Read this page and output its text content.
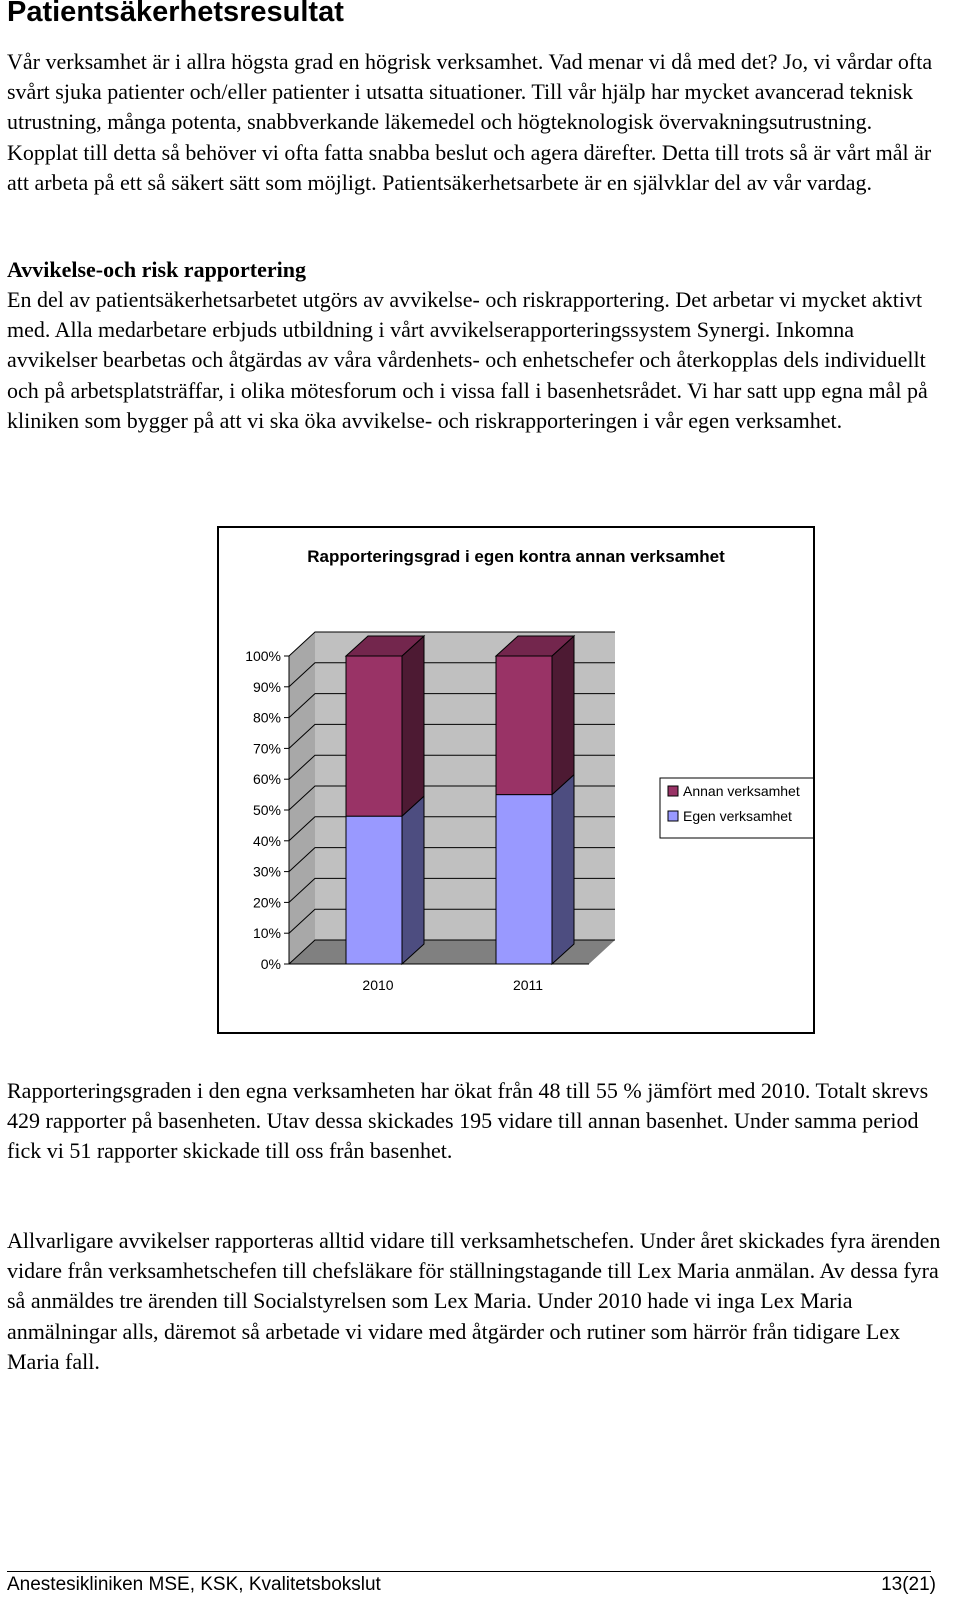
Patientsäkerhetsresultat

Vår verksamhet är i allra högsta grad en högrisk verksamhet. Vad menar vi då med det? Jo, vi vårdar ofta svårt sjuka patienter och/eller patienter i utsatta situationer. Till vår hjälp har mycket avancerad teknisk utrustning, många potenta, snabbverkande läkemedel och högteknologisk övervakningsutrustning. Kopplat till detta så behöver vi ofta fatta snabba beslut och agera därefter. Detta till trots så är vårt mål är att arbeta på ett så säkert sätt som möjligt. Patientsäkerhetsarbete är en självklar del av vår vardag.

Avvikelse-och risk rapportering

En del av patientsäkerhetsarbetet utgörs av avvikelse- och riskrapportering. Det arbetar vi mycket aktivt med. Alla medarbetare erbjuds utbildning i vårt avvikelserapporteringssystem Synergi. Inkomna avvikelser bearbetas och åtgärdas av våra vårdenhets- och enhetschefer och återkopplas dels individuellt och på arbetsplatsträffar, i olika mötesforum och i vissa fall i basenhetsrådet. Vi har satt upp egna mål på kliniken som bygger på att vi ska öka avvikelse- och riskrapporteringen i vår egen verksamhet.

Rapporteringsgrad i egen kontra annan verksamhet
0%
10%
20%
30%
40%
50%
60%
70%
80%
90%
100%
2010	2011
Annan verksamhet
Egen verksamhet

Rapporteringsgraden i den egna verksamheten har ökat från 48 till 55 % jämfört med 2010. Totalt skrevs 429 rapporter på basenheten. Utav dessa skickades 195 vidare till annan basenhet. Under samma period fick vi 51 rapporter skickade till oss från basenhet.

Allvarligare avvikelser rapporteras alltid vidare till verksamhetschefen. Under året skickades fyra ärenden vidare från verksamhetschefen till chefsläkare för ställningstagande till Lex Maria anmälan. Av dessa fyra så anmäldes tre ärenden till Socialstyrelsen som Lex Maria. Under 2010 hade vi inga Lex Maria anmälningar alls, däremot så arbetade vi vidare med åtgärder och rutiner som härrör från tidigare Lex Maria fall.

Anestesikliniken MSE, KSK, Kvalitetsbokslut	13(21)
